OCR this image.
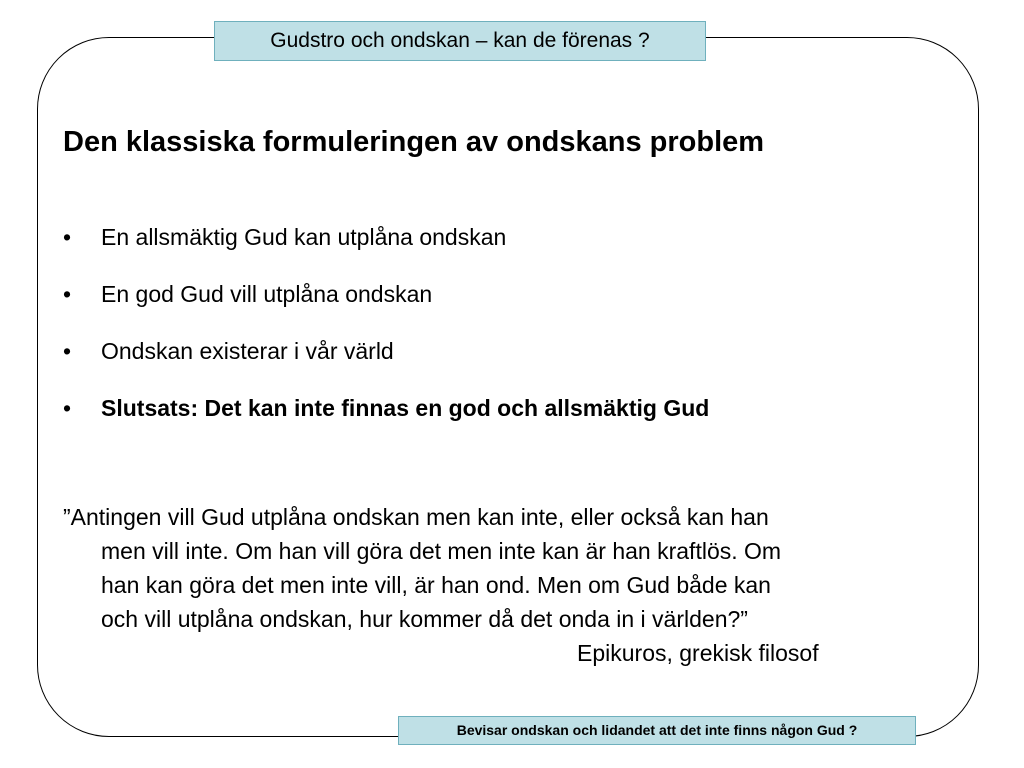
Gudstro och ondskan – kan de förenas ?
Den klassiska formuleringen av ondskans problem
• En allsmäktig Gud kan utplåna ondskan
• En god Gud vill utplåna ondskan
• Ondskan existerar i vår värld
• Slutsats: Det kan inte finnas en god och allsmäktig Gud

”Antingen vill Gud utplåna ondskan men kan inte, eller också kan han
men vill inte. Om han vill göra det men inte kan är han kraftlös. Om
han kan göra det men inte vill, är han ond. Men om Gud både kan
och vill utplåna ondskan, hur kommer då det onda in i världen?”

Epikuros, grekisk filosof
Bevisar ondskan och lidandet att det inte finns någon Gud ?
